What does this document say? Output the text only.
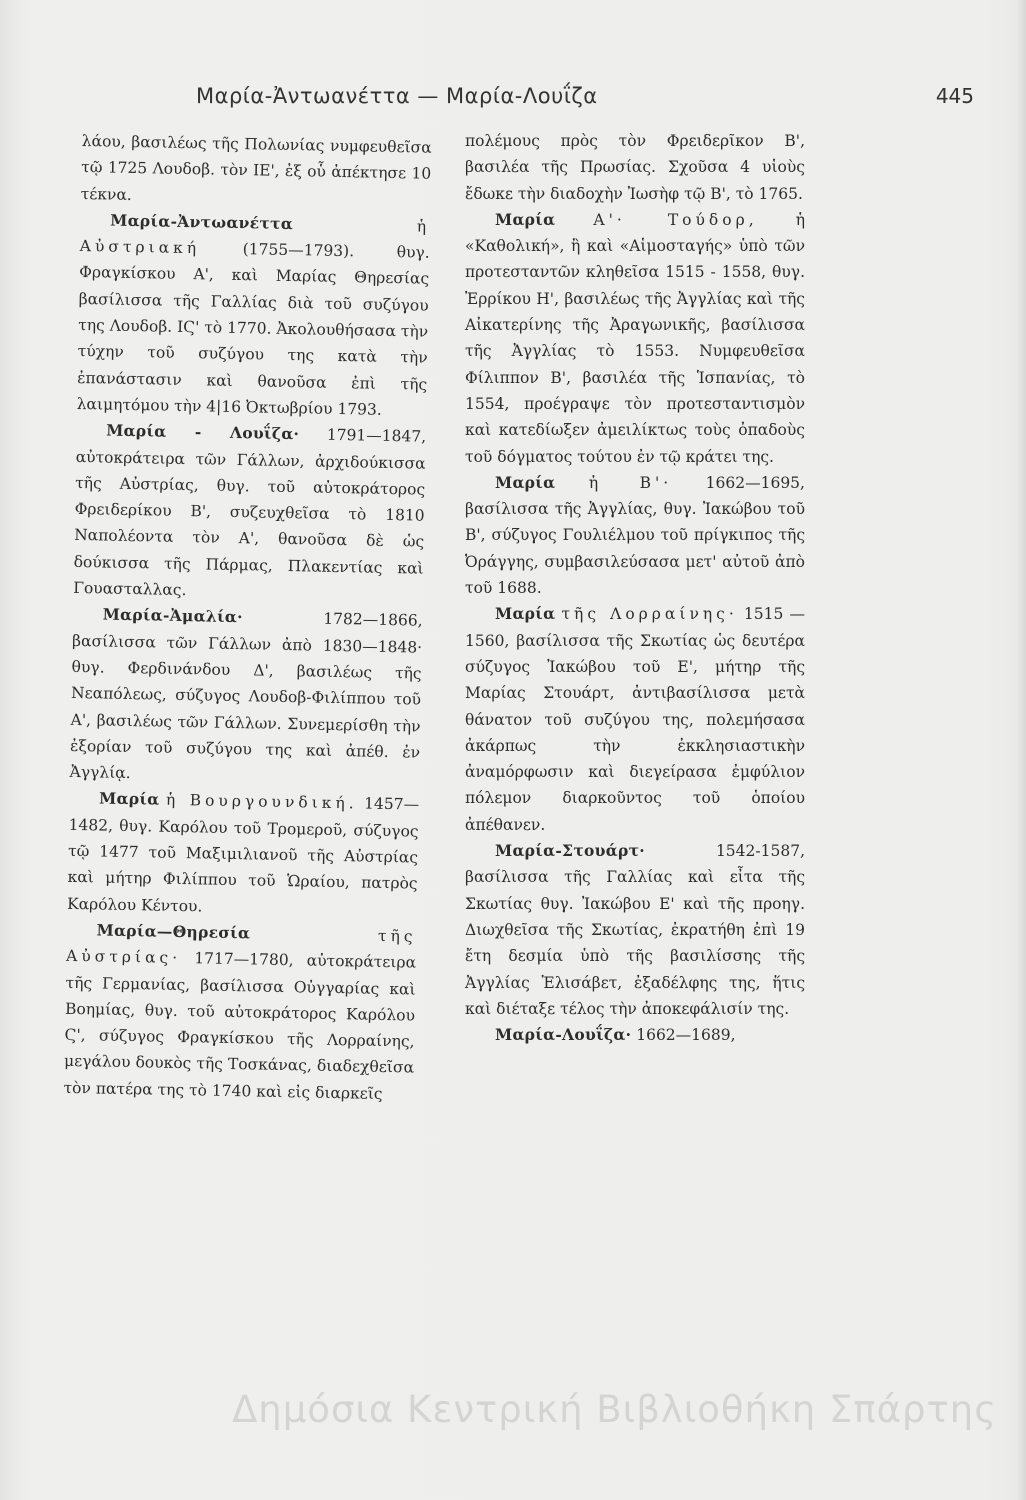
Μαρία-Ἀντωανέττα — Μαρία-Λουΐζα	445

λάου, βασιλέως τῆς Πολωνίας νυμφευθεῖσα τῷ 1725 Λουδοβ. τὸν ΙΕ', ἐξ οὗ ἀπέκτησε 10 τέκνα.

Μαρία-Ἀντωανέττα	ἡ Αὐστριακή	(1755—1793). θυγ. Φραγκίσκου Α', καὶ Μαρίας Θηρεσίας βασίλισσα τῆς Γαλλίας διὰ τοῦ συζύγου της Λουδοβ. ΙϚ' τὸ 1770. Ἀκολουθήσασα τὴν τύχην τοῦ συζύγου της κατὰ τὴν ἐπανάστασιν καὶ θανοῦσα ἐπὶ τῆς λαιμητόμου τὴν 4|16 Ὀκτωβρίου 1793.

Μαρία - Λουΐζα· 1791—1847, αὐτοκράτειρα τῶν Γάλλων, ἀρχιδούκισσα τῆς Αὐστρίας, θυγ. τοῦ αὐτοκράτορος Φρειδερίκου Β', συζευχθεῖσα τὸ 1810 Ναπολέοντα τὸν Α', θανοῦσα δὲ ὡς δούκισσα τῆς Πάρμας, Πλακεντίας καὶ Γουασταλλας.

Μαρία-Ἀμαλία·	1782—1866, βασίλισσα τῶν Γάλλων ἀπὸ 1830—1848· θυγ. Φερδινάνδου Δ', βασιλέως τῆς Νεαπόλεως, σύζυγος Λουδοβ-Φιλίππου τοῦ Α', βασιλέως τῶν Γάλλων. Συνεμερίσθη τὴν ἐξορίαν τοῦ συζύγου της καὶ ἀπέθ. ἐν Ἀγγλίᾳ.

Μαρία ἡ Βουργουνδική. 1457—1482, θυγ. Καρόλου τοῦ Τρομεροῦ, σύζυγος τῷ 1477 τοῦ Μαξιμιλιανοῦ τῆς Αὐστρίας καὶ μήτηρ Φιλίππου τοῦ Ὡραίου, πατρὸς Καρόλου Κέντου.

Μαρία—Θηρεσία	τῆς Αὐστρίας· 1717—1780, αὐτοκράτειρα τῆς Γερμανίας, βασίλισσα Οὐγγαρίας καὶ Βοημίας, θυγ. τοῦ αὐτοκράτορος Καρόλου Ϛ', σύζυγος Φραγκίσκου τῆς Λορραίνης, μεγάλου δουκὸς τῆς Τοσκάνας, διαδεχθεῖσα τὸν πατέρα της τὸ 1740 καὶ εἰς διαρκεῖς

πολέμους πρὸς τὸν Φρειδερῖκον Β', βασιλέα τῆς Πρωσίας. Σχοῦσα 4 υἱοὺς ἔδωκε τὴν διαδοχὴν Ἰωσὴφ τῷ Β', τὸ 1765.

Μαρία Α'· Τούδορ, ἡ «Καθολική», ἢ καὶ «Αἱμοσταγής» ὑπὸ τῶν προτεσταντῶν κληθεῖσα 1515 - 1558, θυγ. Ἐρρίκου Η', βασιλέως τῆς Ἀγγλίας καὶ τῆς Αἰκατερίνης τῆς Ἀραγωνικῆς, βασίλισσα τῆς Ἀγγλίας τὸ 1553. Νυμφευθεῖσα Φίλιππον Β', βασιλέα τῆς Ἱσπανίας, τὸ 1554, προέγραψε τὸν προτεσταντισμὸν καὶ κατεδίωξεν ἀμειλίκτως τοὺς ὀπαδοὺς τοῦ δόγματος τούτου ἐν τῷ κράτει της.

Μαρία ἡ Β'· 1662—1695, βασίλισσα τῆς Ἀγγλίας, θυγ. Ἰακώβου τοῦ Β', σύζυγος Γουλιέλμου τοῦ πρίγκιπος τῆς Ὀράγγης, συμβασιλεύσασα μετ' αὐτοῦ ἀπὸ τοῦ 1688.

Μαρία τῆς Λορραίνης· 1515 —1560, βασίλισσα τῆς Σκωτίας ὡς δευτέρα σύζυγος Ἰακώβου τοῦ Ε', μήτηρ τῆς Μαρίας Στουάρτ, ἀντιβασίλισσα μετὰ θάνατον τοῦ συζύγου της, πολεμήσασα ἀκάρπως τὴν ἐκκλησιαστικὴν ἀναμόρφωσιν καὶ διεγείρασα ἐμφύλιον πόλεμον διαρκοῦντος τοῦ ὁποίου ἀπέθανεν.

Μαρία-Στουάρτ·	1542-1587, βασίλισσα τῆς Γαλλίας καὶ εἶτα τῆς Σκωτίας θυγ. Ἰακώβου Ε' καὶ τῆς προηγ. Διωχθεῖσα τῆς Σκωτίας, ἐκρατήθη ἐπὶ 19 ἔτη δεσμία ὑπὸ τῆς βασιλίσσης τῆς Ἀγγλίας Ἐλισάβετ, ἐξαδέλφης της, ἥτις καὶ διέταξε τέλος τὴν ἀποκεφάλισίν της.

Μαρία-Λουΐζα· 1662—1689,

Δημόσια Κεντρική Βιβλιοθήκη Σπάρτης
